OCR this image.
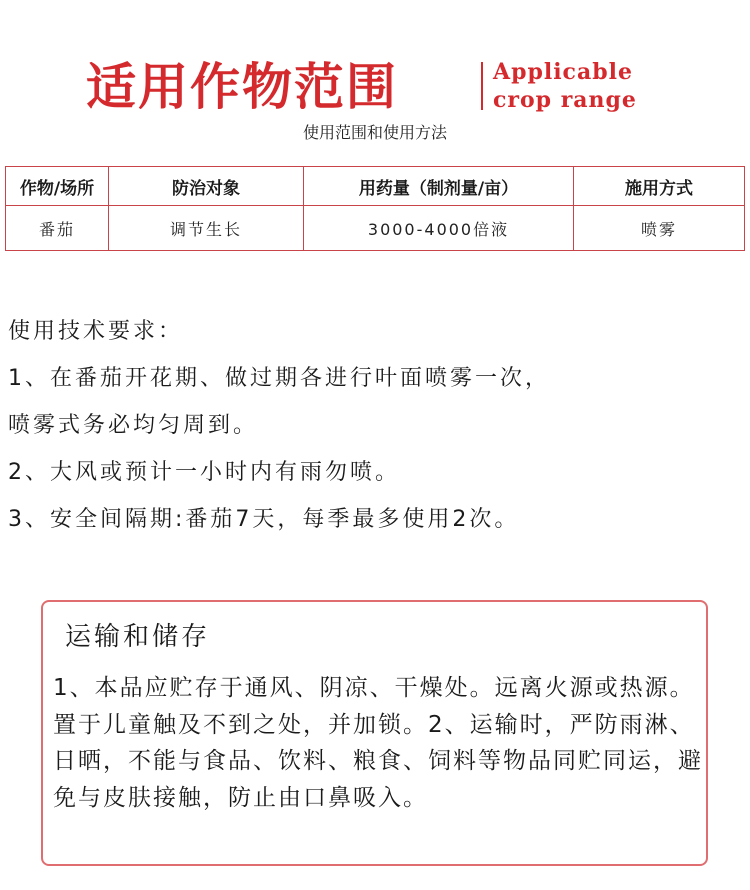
适用作物范围	Applicable
crop range
使用范围和使用方法
作物/场所	防治对象	用药量（制剂量/亩）	施用方式
番茄	调节生长	3000-4000倍液	喷雾
使用技术要求：
1、在番茄开花期、做过期各进行叶面喷雾一次，
喷雾式务必均匀周到。
2、大风或预计一小时内有雨勿喷。
3、安全间隔期:番茄7天，每季最多使用2次。
运输和储存
1、本品应贮存于通风、阴凉、干燥处。远离火源或热源。置于儿童触及不到之处，并加锁。2、运输时，严防雨淋、日晒，不能与食品、饮料、粮食、饲料等物品同贮同运，避免与皮肤接触，防止由口鼻吸入。
